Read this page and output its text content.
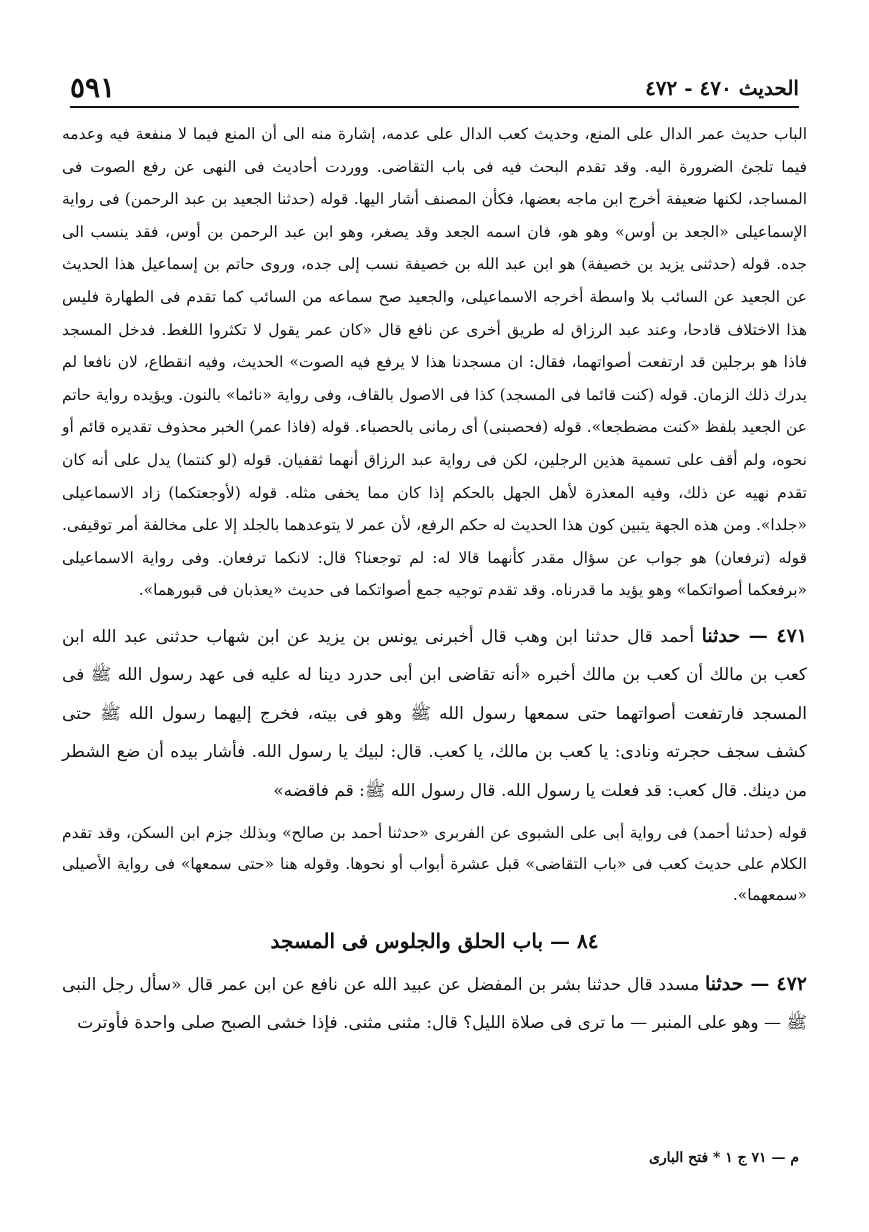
الحديث ٤٧٠ - ٤٧٢
٥٩١

الباب حديث عمر الدال على المنع، وحديث كعب الدال على عدمه، إشارة منه الى أن المنع فيما لا منفعة فيه وعدمه فيما تلجئ الضرورة اليه. وقد تقدم البحث فيه فى باب التقاضى. ووردت أحاديث فى النهى عن رفع الصوت فى المساجد، لكنها ضعيفة أخرج ابن ماجه بعضها، فكأن المصنف أشار اليها. قوله (حدثنا الجعيد بن عبد الرحمن) فى رواية الإسماعيلى «الجعد بن أوس» وهو هو، فان اسمه الجعد وقد يصغر، وهو ابن عبد الرحمن بن أوس، فقد ينسب الى جده. قوله (حدثنى يزيد بن خصيفة) هو ابن عبد الله بن خصيفة نسب إلى جده، وروى حاتم بن إسماعيل هذا الحديث عن الجعيد عن السائب بلا واسطة أخرجه الاسماعيلى، والجعيد صح سماعه من السائب كما تقدم فى الطهارة فليس هذا الاختلاف قادحا، وعند عبد الرزاق له طريق أخرى عن نافع قال «كان عمر يقول لا تكثروا اللغط. فدخل المسجد فاذا هو برجلين قد ارتفعت أصواتهما، فقال: ان مسجدنا هذا لا يرفع فيه الصوت» الحديث، وفيه انقطاع، لان نافعا لم يدرك ذلك الزمان. قوله (كنت قائما فى المسجد) كذا فى الاصول بالقاف، وفى رواية «نائما» بالنون. ويؤيده رواية حاتم عن الجعيد بلفظ «كنت مضطجعا». قوله (فحصبنى) أى رمانى بالحصباء. قوله (فاذا عمر) الخبر محذوف تقديره قائم أو نحوه، ولم أقف على تسمية هذين الرجلين، لكن فى رواية عبد الرزاق أنهما ثقفيان. قوله (لو كنتما) يدل على أنه كان تقدم نهيه عن ذلك، وفيه المعذرة لأهل الجهل بالحكم إذا كان مما يخفى مثله. قوله (لأوجعتكما) زاد الاسماعيلى «جلدا». ومن هذه الجهة يتبين كون هذا الحديث له حكم الرفع، لأن عمر لا يتوعدهما بالجلد إلا على مخالفة أمر توقيفى. قوله (ترفعان) هو جواب عن سؤال مقدر كأنهما قالا له: لم توجعنا؟ قال: لانكما ترفعان. وفى رواية الاسماعيلى «برفعكما أصواتكما» وهو يؤيد ما قدرناه. وقد تقدم توجيه جمع أصواتكما فى حديث «يعذبان فى قبورهما».

٤٧١ — حدثنا أحمد قال حدثنا ابن وهب قال أخبرنى يونس بن يزيد عن ابن شهاب حدثنى عبد الله ابن كعب بن مالك أن كعب بن مالك أخبره «أنه تقاضى ابن أبى حدرد دينا له عليه فى عهد رسول الله ﷺ فى المسجد فارتفعت أصواتهما حتى سمعها رسول الله ﷺ وهو فى بيته، فخرج إليهما رسول الله ﷺ حتى كشف سجف حجرته ونادى: يا كعب بن مالك، يا كعب. قال: لبيك يا رسول الله. فأشار بيده أن ضع الشطر من دينك. قال كعب: قد فعلت يا رسول الله. قال رسول الله ﷺ: قم فاقضه»

قوله (حدثنا أحمد) فى رواية أبى على الشبوى عن الفربرى «حدثنا أحمد بن صالح» وبذلك جزم ابن السكن، وقد تقدم الكلام على حديث كعب فى «باب التقاضى» قبل عشرة أبواب أو نحوها. وقوله هنا «حتى سمعها» فى رواية الأصيلى «سمعهما».

٨٤ — باب الحلق والجلوس فى المسجد

٤٧٢ — حدثنا مسدد قال حدثنا بشر بن المفضل عن عبيد الله عن نافع عن ابن عمر قال «سأل رجل النبى ﷺ — وهو على المنبر — ما ترى فى صلاة الليل؟ قال: مثنى مثنى. فإذا خشى الصبح صلى واحدة فأوترت

م — ٧١ ج ١ * فتح البارى
